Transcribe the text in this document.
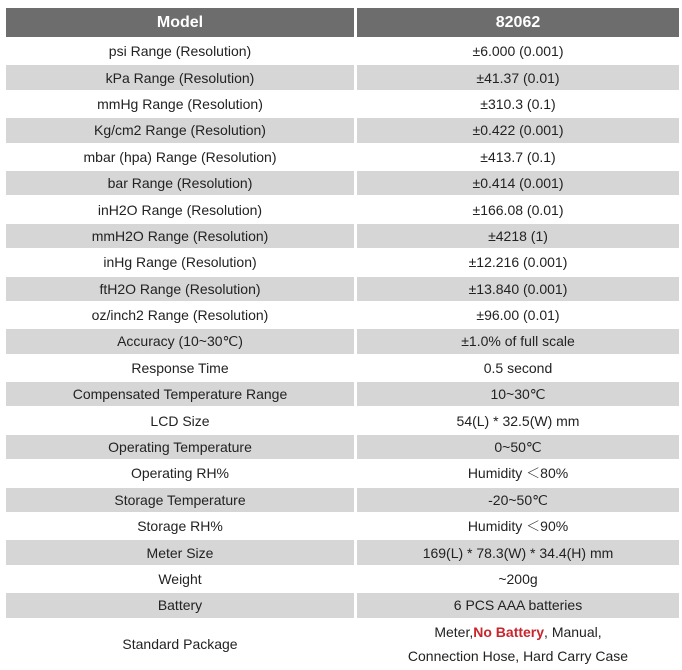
Model	82062
psi Range (Resolution)	±6.000 (0.001)
kPa Range (Resolution)	±41.37 (0.01)
mmHg Range (Resolution)	±310.3 (0.1)
Kg/cm2 Range (Resolution)	±0.422 (0.001)
mbar (hpa) Range (Resolution)	±413.7 (0.1)
bar Range (Resolution)	±0.414 (0.001)
inH2O Range (Resolution)	±166.08 (0.01)
mmH2O Range (Resolution)	±4218 (1)
inHg Range (Resolution)	±12.216 (0.001)
ftH2O Range (Resolution)	±13.840 (0.001)
oz/inch2 Range (Resolution)	±96.00 (0.01)
Accuracy (10~30℃)	±1.0% of full scale
Response Time	0.5 second
Compensated Temperature Range	10~30℃
LCD Size	54(L) * 32.5(W) mm
Operating Temperature	0~50℃
Operating RH%	Humidity ＜80%
Storage Temperature	-20~50℃
Storage RH%	Humidity ＜90%
Meter Size	169(L) * 78.3(W) * 34.4(H) mm
Weight	~200g
Battery	6 PCS AAA batteries
Standard Package	Meter,No Battery, Manual,
Connection Hose, Hard Carry Case
